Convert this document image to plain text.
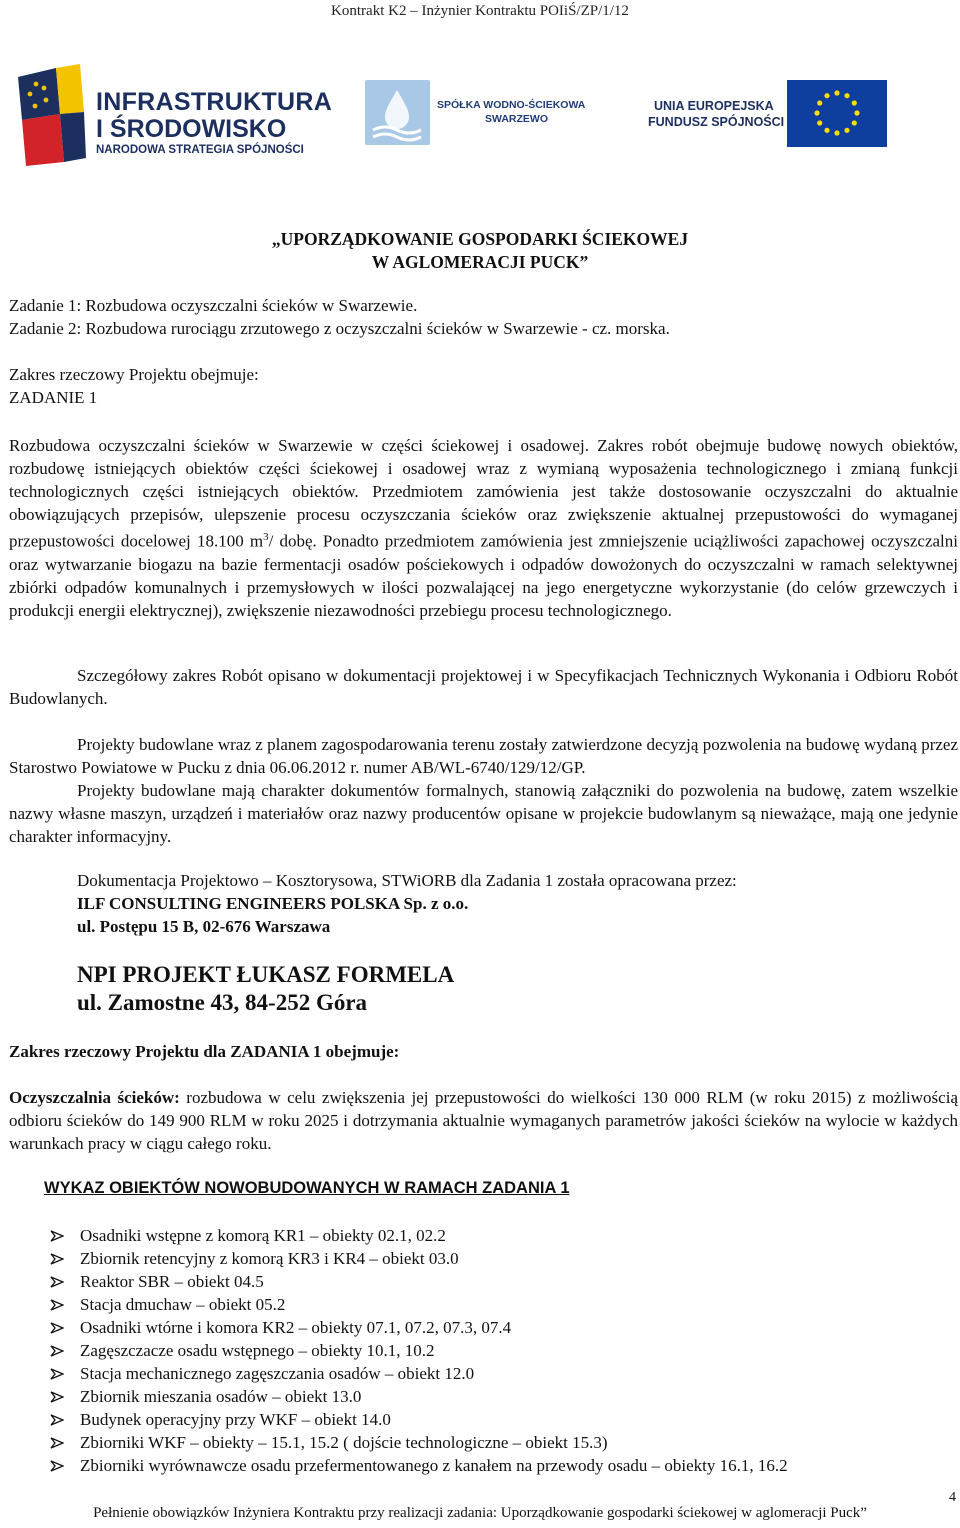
Kontrakt K2 – Inżynier Kontraktu POIiŚ/ZP/1/12
INFRASTRUKTURA
I ŚRODOWISKO
NARODOWA STRATEGIA SPÓJNOŚCI
SPÓŁKA WODNO-ŚCIEKOWA
SWARZEWO
UNIA EUROPEJSKA
FUNDUSZ SPÓJNOŚCI
„UPORZĄDKOWANIE GOSPODARKI ŚCIEKOWEJ
W AGLOMERACJI PUCK”
Zadanie 1: Rozbudowa oczyszczalni ścieków w Swarzewie.
Zadanie 2: Rozbudowa rurociągu zrzutowego z oczyszczalni ścieków w Swarzewie - cz. morska.
Zakres rzeczowy Projektu obejmuje:
ZADANIE 1

Rozbudowa oczyszczalni ścieków w Swarzewie w części ściekowej i osadowej. Zakres robót obejmuje budowę nowych obiektów, rozbudowę istniejących obiektów części ściekowej i osadowej wraz z wymianą wyposażenia technologicznego i zmianą funkcji technologicznych części istniejących obiektów. Przedmiotem zamówienia jest także dostosowanie oczyszczalni do aktualnie obowiązujących przepisów, ulepszenie procesu oczyszczania ścieków oraz zwiększenie aktualnej przepustowości do wymaganej przepustowości docelowej 18.100 $m^3/$ dobę. Ponadto przedmiotem zamówienia jest zmniejszenie uciążliwości zapachowej oczyszczalni oraz wytwarzanie biogazu na bazie fermentacji osadów pościekowych i odpadów dowożonych do oczyszczalni w ramach selektywnej zbiórki odpadów komunalnych i przemysłowych w ilości pozwalającej na jego energetyczne wykorzystanie (do celów grzewczych i produkcji energii elektrycznej), zwiększenie niezawodności przebiegu procesu technologicznego.

Szczegółowy zakres Robót opisano w dokumentacji projektowej i w Specyfikacjach Technicznych Wykonania i Odbioru Robót Budowlanych.

Projekty budowlane wraz z planem zagospodarowania terenu zostały zatwierdzone decyzją pozwolenia na budowę wydaną przez Starostwo Powiatowe w Pucku z dnia 06.06.2012 r. numer AB/WL-6740/129/12/GP.

Projekty budowlane mają charakter dokumentów formalnych, stanowią załączniki do pozwolenia na budowę, zatem wszelkie nazwy własne maszyn, urządzeń i materiałów oraz nazwy producentów opisane w projekcie budowlanym są nieważące, mają one jedynie charakter informacyjny.

Dokumentacja Projektowo – Kosztorysowa, STWiORB dla Zadania 1 została opracowana przez:
ILF CONSULTING ENGINEERS POLSKA Sp. z o.o.
ul. Postępu 15 B, 02-676 Warszawa
NPI PROJEKT ŁUKASZ FORMELA
ul. Zamostne 43, 84-252 Góra
Zakres rzeczowy Projektu dla ZADANIA 1 obejmuje:

Oczyszczalnia ścieków: rozbudowa w celu zwiększenia jej przepustowości do wielkości 130 000 RLM (w roku 2015) z możliwością odbioru ścieków do 149 900 RLM w roku 2025 i dotrzymania aktualnie wymaganych parametrów jakości ścieków na wylocie w każdych warunkach pracy w ciągu całego roku.

WYKAZ OBIEKTÓW NOWOBUDOWANYCH W RAMACH ZADANIA 1
Osadniki wstępne z komorą KR1 – obiekty 02.1, 02.2
Zbiornik retencyjny z komorą KR3 i KR4 – obiekt 03.0
Reaktor SBR – obiekt 04.5
Stacja dmuchaw – obiekt 05.2
Osadniki wtórne i komora KR2 – obiekty 07.1, 07.2, 07.3, 07.4
Zagęszczacze osadu wstępnego – obiekty 10.1, 10.2
Stacja mechanicznego zagęszczania osadów – obiekt 12.0
Zbiornik mieszania osadów – obiekt 13.0
Budynek operacyjny przy WKF – obiekt 14.0
Zbiorniki WKF – obiekty – 15.1, 15.2 ( dojście technologiczne – obiekt 15.3)
Zbiorniki wyrównawcze osadu przefermentowanego z kanałem na przewody osadu – obiekty 16.1, 16.2
Pełnienie obowiązków Inżyniera Kontraktu przy realizacji zadania: Uporządkowanie gospodarki ściekowej w aglomeracji Puck”
4
